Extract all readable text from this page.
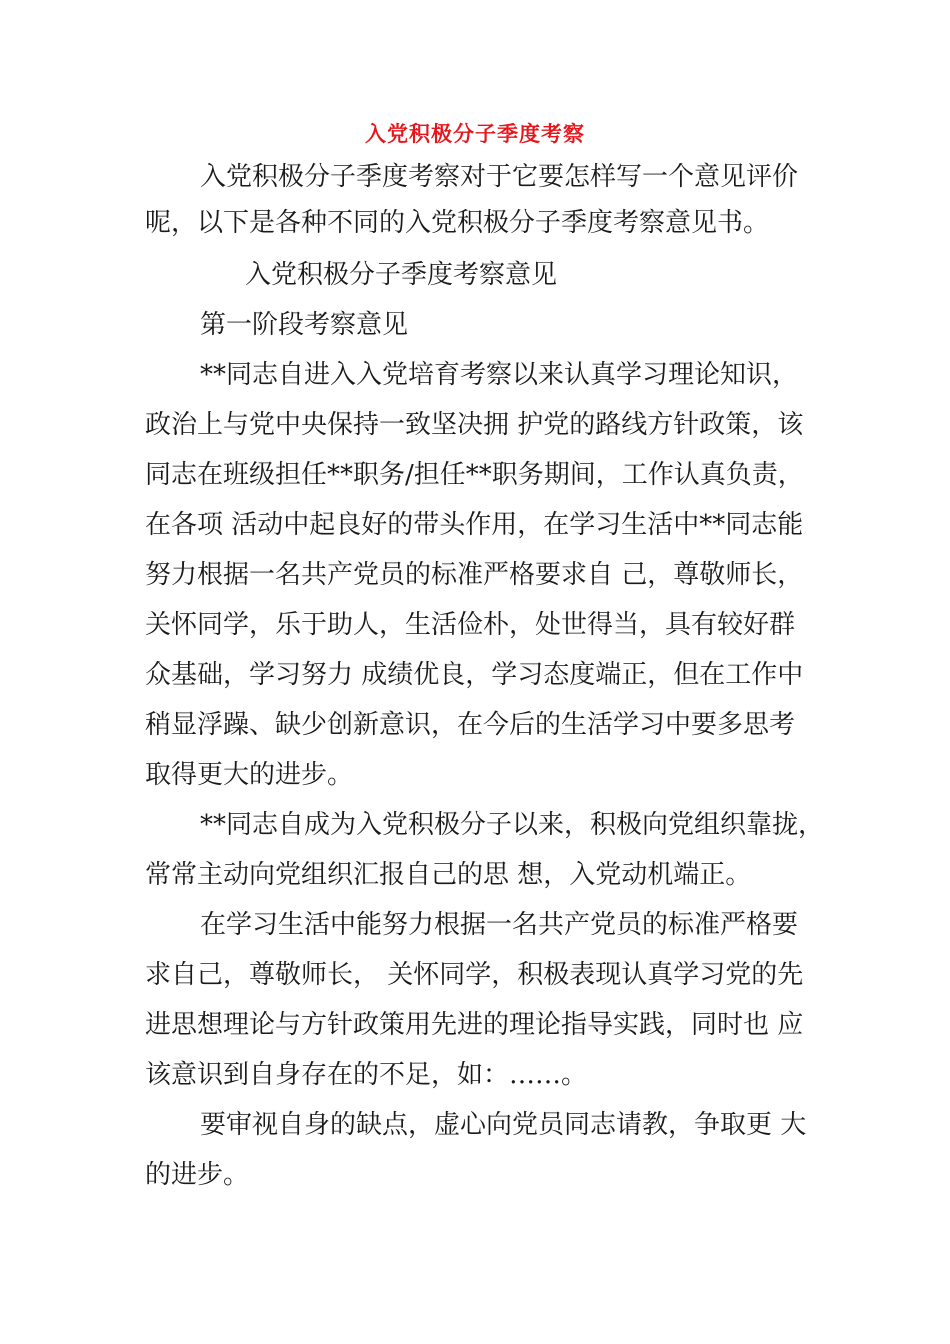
入党积极分子季度考察
入党积极分子季度考察对于它要怎样写一个意见评价
呢，以下是各种不同的入党积极分子季度考察意见书。
入党积极分子季度考察意见
第一阶段考察意见
**同志自进入入党培育考察以来认真学习理论知识，
政治上与党中央保持一致坚决拥 护党的路线方针政策，该
同志在班级担任**职务/担任**职务期间，工作认真负责，
在各项 活动中起良好的带头作用，在学习生活中**同志能
努力根据一名共产党员的标准严格要求自 己，尊敬师长，
关怀同学，乐于助人，生活俭朴，处世得当，具有较好群
众基础，学习努力 成绩优良，学习态度端正，但在工作中
稍显浮躁、缺少创新意识，在今后的生活学习中要多思考
取得更大的进步。
**同志自成为入党积极分子以来，积极向党组织靠拢，
常常主动向党组织汇报自己的思 想，入党动机端正。
在学习生活中能努力根据一名共产党员的标准严格要
求自己，尊敬师长， 关怀同学，积极表现认真学习党的先
进思想理论与方针政策用先进的理论指导实践，同时也 应
该意识到自身存在的不足，如：……。
要审视自身的缺点，虚心向党员同志请教，争取更 大
的进步。
